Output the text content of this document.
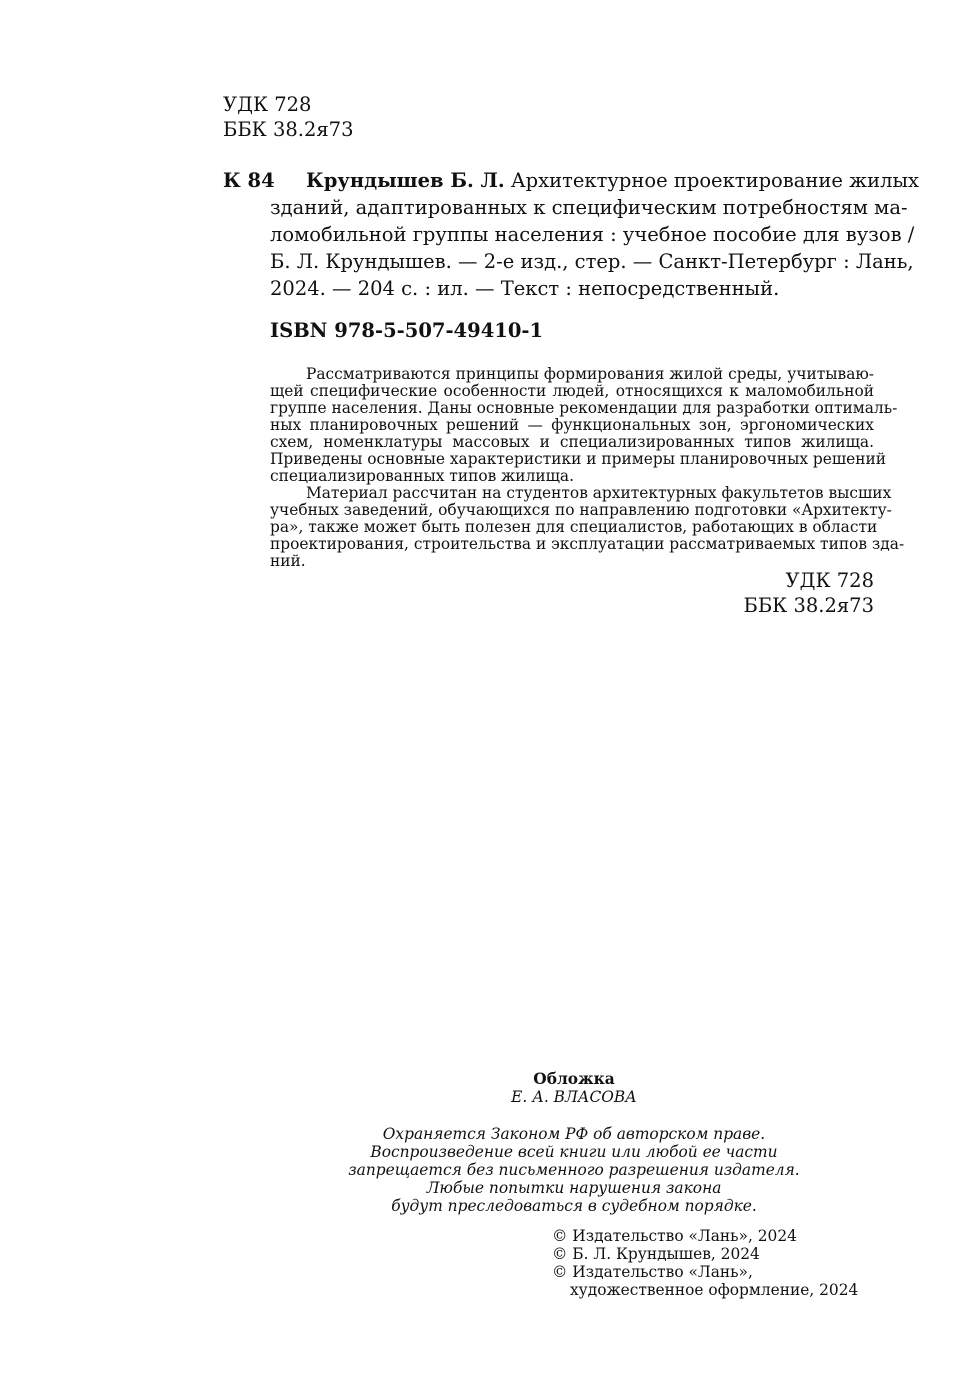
УДК 728
ББК 38.2я73
К 84 Крундышев Б. Л. Архитектурное проектирование жилых
зданий, адаптированных к специфическим потребностям ма-
ломобильной группы населения : учебное пособие для вузов /
Б. Л. Крундышев. — 2-е изд., стер. — Санкт-Петербург : Лань,
2024. — 204 с. : ил. — Текст : непосредственный.
ISBN 978-5-507-49410-1
Рассматриваются принципы формирования жилой среды, учитываю-
щей специфические особенности людей, относящихся к маломобильной
группе населения. Даны основные рекомендации для разработки оптималь-
ных планировочных решений — функциональных зон, эргономических
схем, номенклатуры массовых и специализированных типов жилища.
Приведены основные характеристики и примеры планировочных решений
специализированных типов жилища.
Материал рассчитан на студентов архитектурных факультетов высших
учебных заведений, обучающихся по направлению подготовки «Архитекту-
ра», также может быть полезен для специалистов, работающих в области
проектирования, строительства и эксплуатации рассматриваемых типов зда-
ний.
УДК 728
ББК 38.2я73
Обложка
Е. А. ВЛАСОВА
Охраняется Законом РФ об авторском праве.
Воспроизведение всей книги или любой ее части
запрещается без письменного разрешения издателя.
Любые попытки нарушения закона
будут преследоваться в судебном порядке.
© Издательство «Лань», 2024
© Б. Л. Крундышев, 2024
© Издательство «Лань»,
художественное оформление, 2024
